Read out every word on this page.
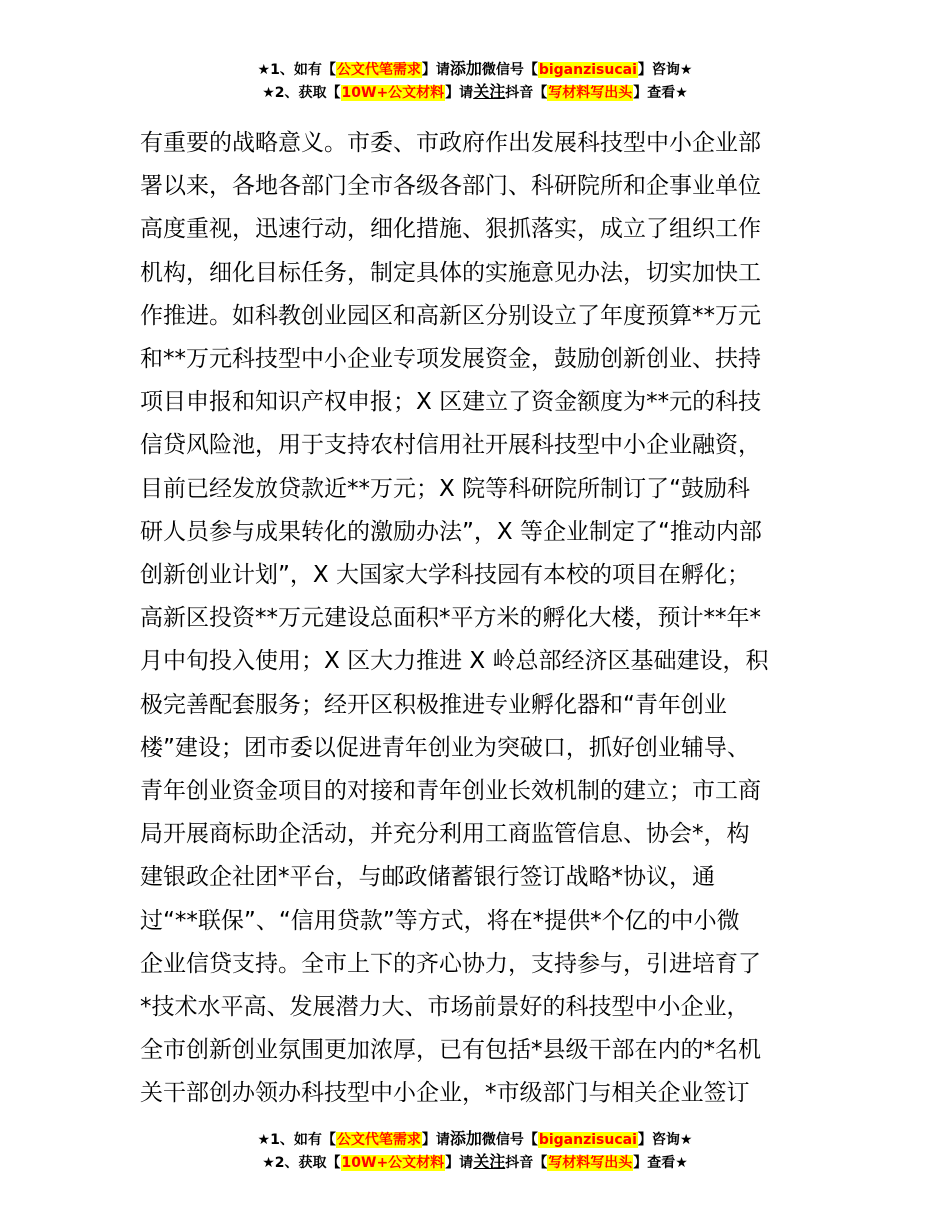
★1、如有【公文代笔需求】请添加微信号【biganzisucai】咨询★
★2、获取【10W+公文材料】请关注抖音【写材料写出头】查看★
有重要的战略意义。市委、市政府作出发展科技型中小企业部
署以来，各地各部门全市各级各部门、科研院所和企事业单位
高度重视，迅速行动，细化措施、狠抓落实，成立了组织工作
机构，细化目标任务，制定具体的实施意见办法，切实加快工
作推进。如科教创业园区和高新区分别设立了年度预算**万元
和**万元科技型中小企业专项发展资金，鼓励创新创业、扶持
项目申报和知识产权申报；X 区建立了资金额度为**元的科技
信贷风险池，用于支持农村信用社开展科技型中小企业融资，
目前已经发放贷款近**万元；X 院等科研院所制订了“鼓励科
研人员参与成果转化的激励办法”，X 等企业制定了“推动内部
创新创业计划”，X 大国家大学科技园有本校的项目在孵化；
高新区投资**万元建设总面积*平方米的孵化大楼，预计**年*
月中旬投入使用；X 区大力推进 X 岭总部经济区基础建设，积
极完善配套服务；经开区积极推进专业孵化器和“青年创业
楼”建设；团市委以促进青年创业为突破口，抓好创业辅导、
青年创业资金项目的对接和青年创业长效机制的建立；市工商
局开展商标助企活动，并充分利用工商监管信息、协会*，构
建银政企社团*平台，与邮政储蓄银行签订战略*协议，通
过“**联保”、“信用贷款”等方式，将在*提供*个亿的中小微
企业信贷支持。全市上下的齐心协力，支持参与，引进培育了
*技术水平高、发展潜力大、市场前景好的科技型中小企业，
全市创新创业氛围更加浓厚，已有包括*县级干部在内的*名机
关干部创办领办科技型中小企业，*市级部门与相关企业签订
★1、如有【公文代笔需求】请添加微信号【biganzisucai】咨询★
★2、获取【10W+公文材料】请关注抖音【写材料写出头】查看★
